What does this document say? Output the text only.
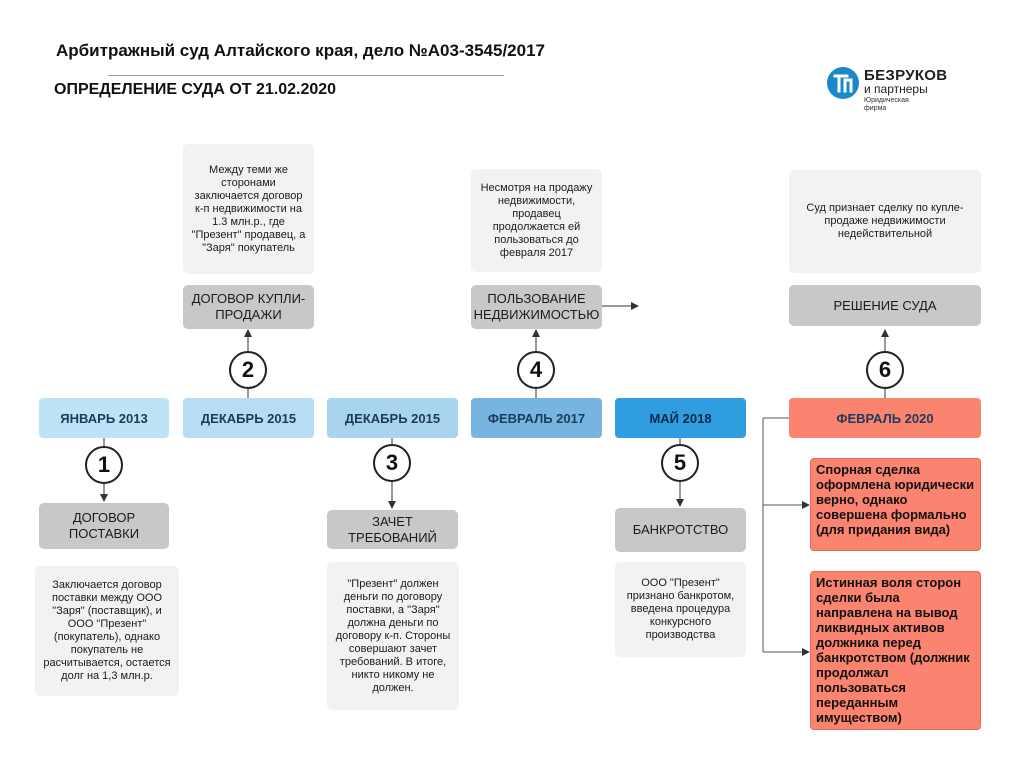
Арбитражный суд Алтайского края, дело №А03-3545/2017
ОПРЕДЕЛЕНИЕ СУДА ОТ 21.02.2020
БЕЗРУКОВ
и партнеры
Юридическая фирма
ЯНВАРЬ 2013	ДЕКАБРЬ 2015	ДЕКАБРЬ 2015	ФЕВРАЛЬ 2017	МАЙ 2018	ФЕВРАЛЬ 2020
1
2
3
4
5
6
ДОГОВОР ПОСТАВКИ
ДОГОВОР КУПЛИ-ПРОДАЖИ
ЗАЧЕТ ТРЕБОВАНИЙ
ПОЛЬЗОВАНИЕ НЕДВИЖИМОСТЬЮ
БАНКРОТСТВО
РЕШЕНИЕ СУДА
Заключается договор поставки между ООО "Заря" (поставщик), и ООО "Презент"(покупатель), однако покупатель не расчитывается, остается долг на 1,3 млн.р.
Между теми же сторонами заключается договор к-п недвижимости на 1.3 млн.р., где "Презент" продавец, а "Заря" покупатель
"Презент" должен деньги по договору поставки, а "Заря" должна деньги по договору к-п. Стороны совершают зачет требований. В итоге, никто никому не должен.
Несмотря на продажу недвижимости, продавец продолжается ей пользоваться до февраля 2017
ООО "Презент" признано банкротом, введена процедура конкурсного производства
Суд признает сделку по купле-продаже недвижимости недействительной
Спорная сделка оформлена юридически верно, однако совершена формально (для придания вида)
Истинная воля сторон сделки была направлена на вывод ликвидных активов должника перед банкротством (должник продолжал пользоваться переданным имуществом)
